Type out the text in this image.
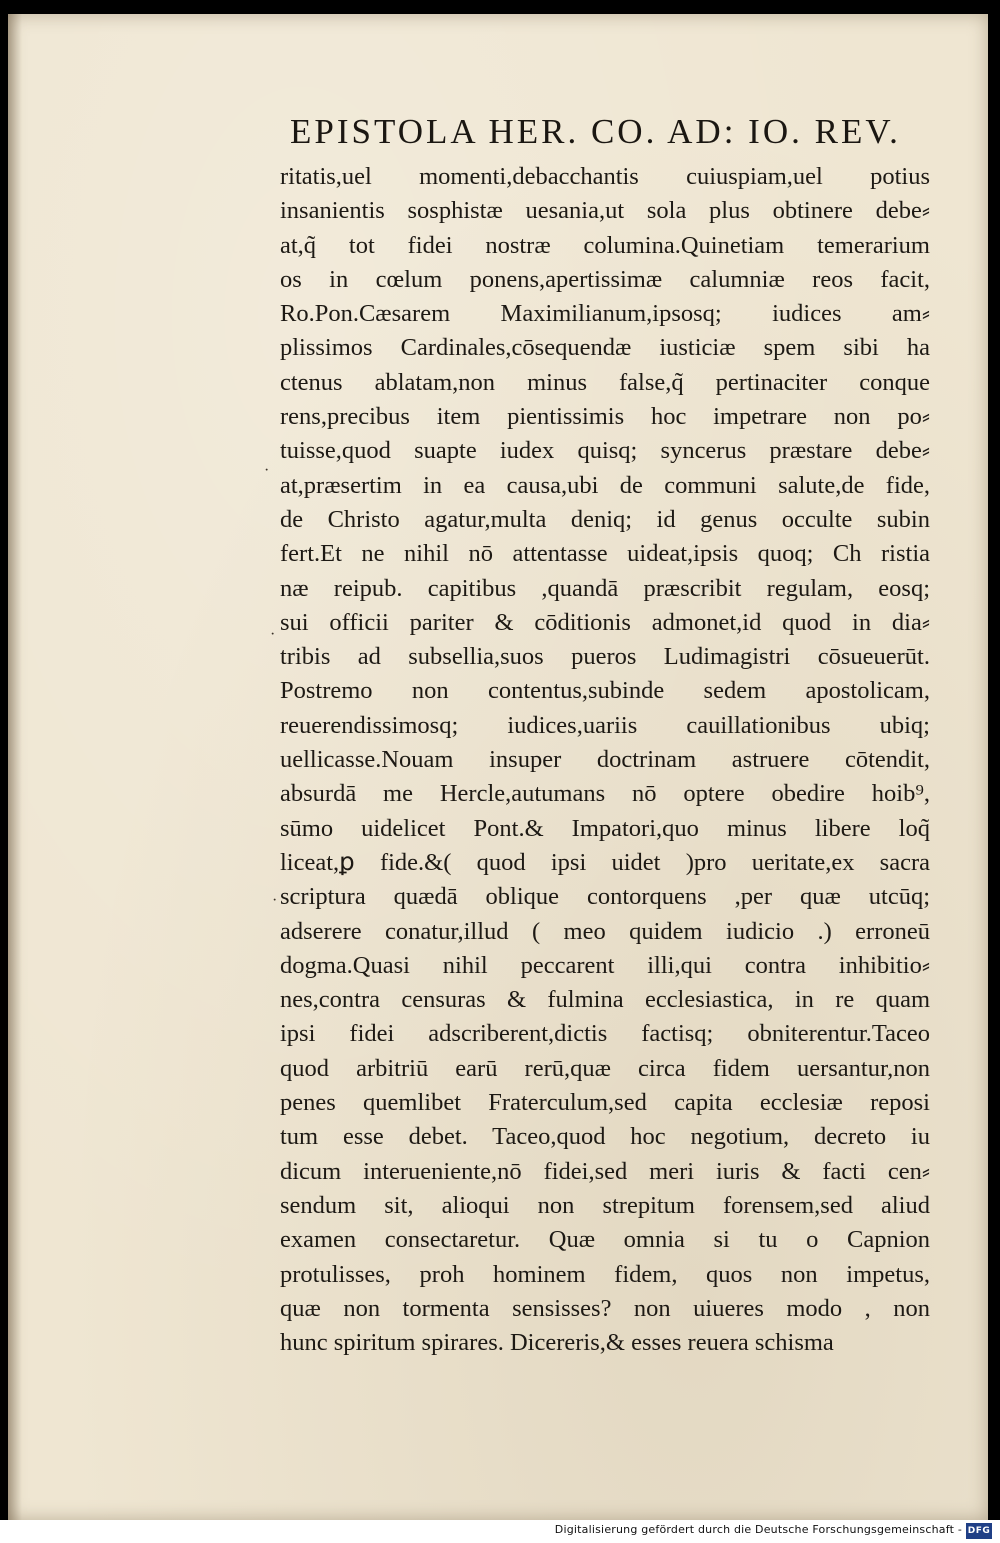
EPISTOLA HER. CO. AD: IO. REV.
ritatis,uel momenti,debacchantis cuiuspiam,uel potius
insanientis sosphistæ uesania,ut sola plus obtinere debe⸗
at,q̃ tot fidei nostræ columina.Quinetiam temerarium
os in cœlum ponens,apertissimæ calumniæ reos facit,
Ro.Pon.Cæsarem Maximilianum,ipsosq; iudices am⸗
plissimos Cardinales,cōsequendæ iusticiæ spem sibi ha
ctenus ablatam,non minus false,q̃ pertinaciter conque
rens,precibus item pientissimis hoc impetrare non po⸗
tuisse,quod suapte iudex quisq; syncerus præstare debe⸗
at,præsertim in ea causa,ubi de communi salute,de fide,
de Christo agatur,multa deniq; id genus occulte subin
fert.Et ne nihil nō attentasse uideat,ipsis quoq; Ch ristia
næ reipub. capitibus ,quandā præscribit regulam, eosq;
sui officii pariter & cōditionis admonet,id quod in dia⸗
tribis ad subsellia,suos pueros Ludimagistri cōsueuerūt.
Postremo non contentus,subinde sedem apostolicam,
reuerendissimosq; iudices,uariis cauillationibus ubiq;
uellicasse.Nouam insuper doctrinam astruere cōtendit,
absurdā me Hercle,autumans nō optere obedire hoib⁹,
sūmo uidelicet Pont.& Impatori,quo minus libere loq̃
liceat,ꝑ fide.&( quod ipsi uidet )pro ueritate,ex sacra
scriptura quædā oblique contorquens ,per quæ utcūq;
adserere conatur,illud ( meo quidem iudicio .) erroneū
dogma.Quasi nihil peccarent illi,qui contra inhibitio⸗
nes,contra censuras & fulmina ecclesiastica, in re quam
ipsi fidei adscriberent,dictis factisq; obniterentur.Taceo
quod arbitriū earū rerū,quæ circa fidem uersantur,non
penes quemlibet Fraterculum,sed capita ecclesiæ reposi
tum esse debet. Taceo,quod hoc negotium, decreto iu
dicum interueniente,nō fidei,sed meri iuris & facti cen⸗
sendum sit, alioqui non strepitum forensem,sed aliud
examen consectaretur. Quæ omnia si tu o Capnion
protulisses, proh hominem fidem, quos non impetus,
quæ non tormenta sensisses? non uiueres modo , non
hunc spiritum spirares. Dicereris,& esses reuera schisma
·
·
·
Digitalisierung gefördert durch die Deutsche Forschungsgemeinschaft - DFG
